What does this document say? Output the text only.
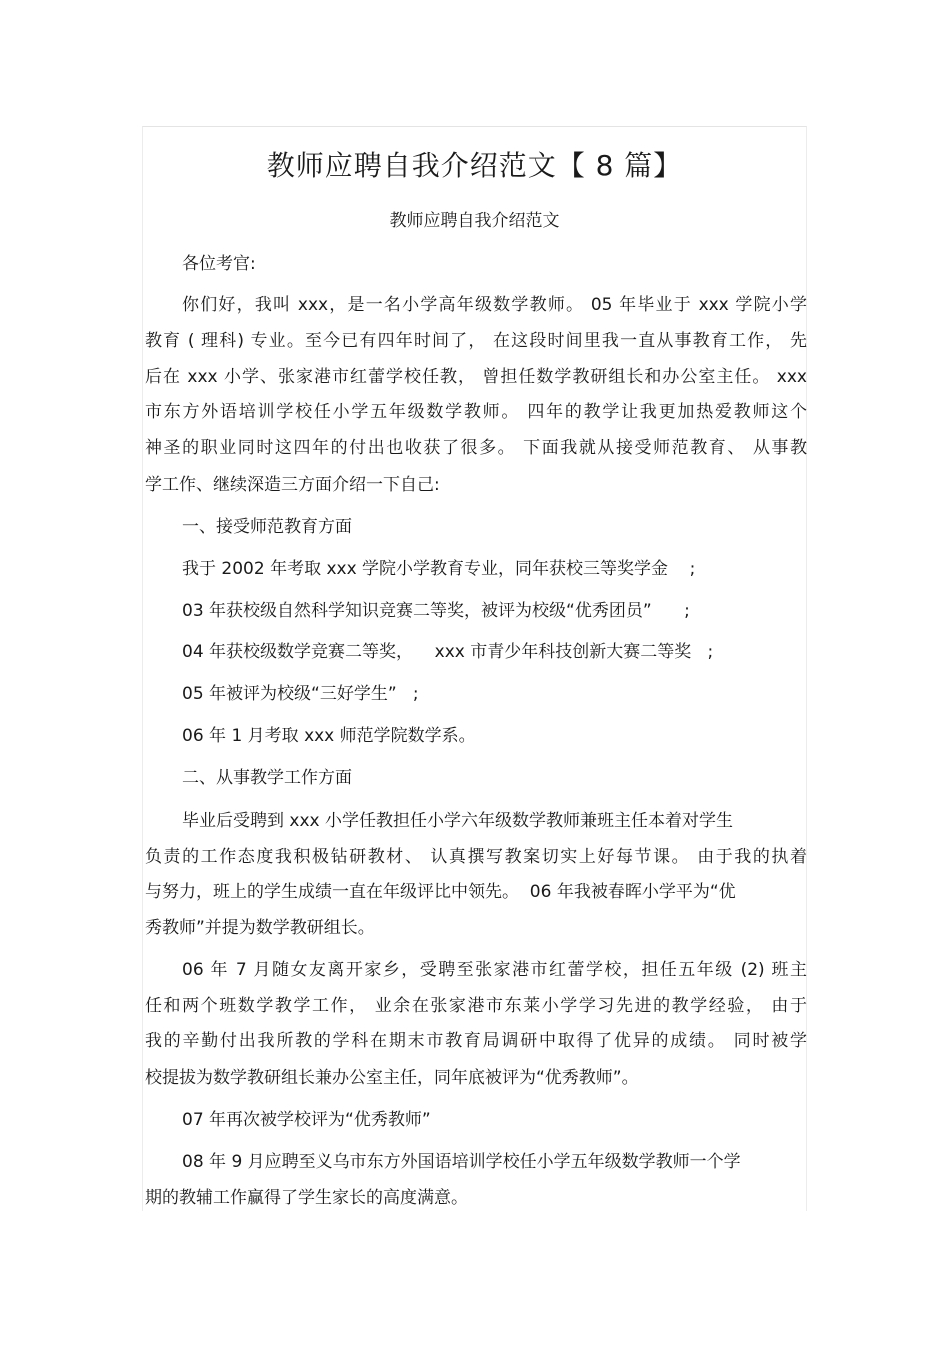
教师应聘自我介绍范文【 8 篇】
教师应聘自我介绍范文
各位考官:
你们好，我叫 xxx，是一名小学高年级数学教师。 05 年毕业于 xxx 学院小学
教育 ( 理科) 专业。至今已有四年时间了， 在这段时间里我一直从事教育工作， 先
后在 xxx 小学、张家港市红蕾学校任教， 曾担任数学教研组长和办公室主任。 xxx
市东方外语培训学校任小学五年级数学教师。 四年的教学让我更加热爱教师这个
神圣的职业同时这四年的付出也收获了很多。 下面我就从接受师范教育、 从事教
学工作、继续深造三方面介绍一下自己:
一、接受师范教育方面
我于 2002 年考取 xxx 学院小学教育专业，同年获校三等奖学金    ;
03 年获校级自然科学知识竞赛二等奖，被评为校级“优秀团员”      ;
04 年获校级数学竞赛二等奖，    xxx 市青少年科技创新大赛二等奖   ;
05 年被评为校级“三好学生”   ;
06 年 1 月考取 xxx 师范学院数学系。
二、从事教学工作方面
毕业后受聘到 xxx 小学任教担任小学六年级数学教师兼班主任本着对学生
负责的工作态度我积极钻研教材、 认真撰写教案切实上好每节课。 由于我的执着
与努力，班上的学生成绩一直在年级评比中领先。  06 年我被春晖小学平为“优
秀教师”并提为数学教研组长。
06 年 7 月随女友离开家乡，受聘至张家港市红蕾学校，担任五年级 (2) 班主
任和两个班数学教学工作， 业余在张家港市东莱小学学习先进的教学经验， 由于
我的辛勤付出我所教的学科在期末市教育局调研中取得了优异的成绩。 同时被学
校提拔为数学教研组长兼办公室主任，同年底被评为“优秀教师”。
07 年再次被学校评为“优秀教师”
08 年 9 月应聘至义乌市东方外国语培训学校任小学五年级数学教师一个学
期的教辅工作赢得了学生家长的高度满意。
